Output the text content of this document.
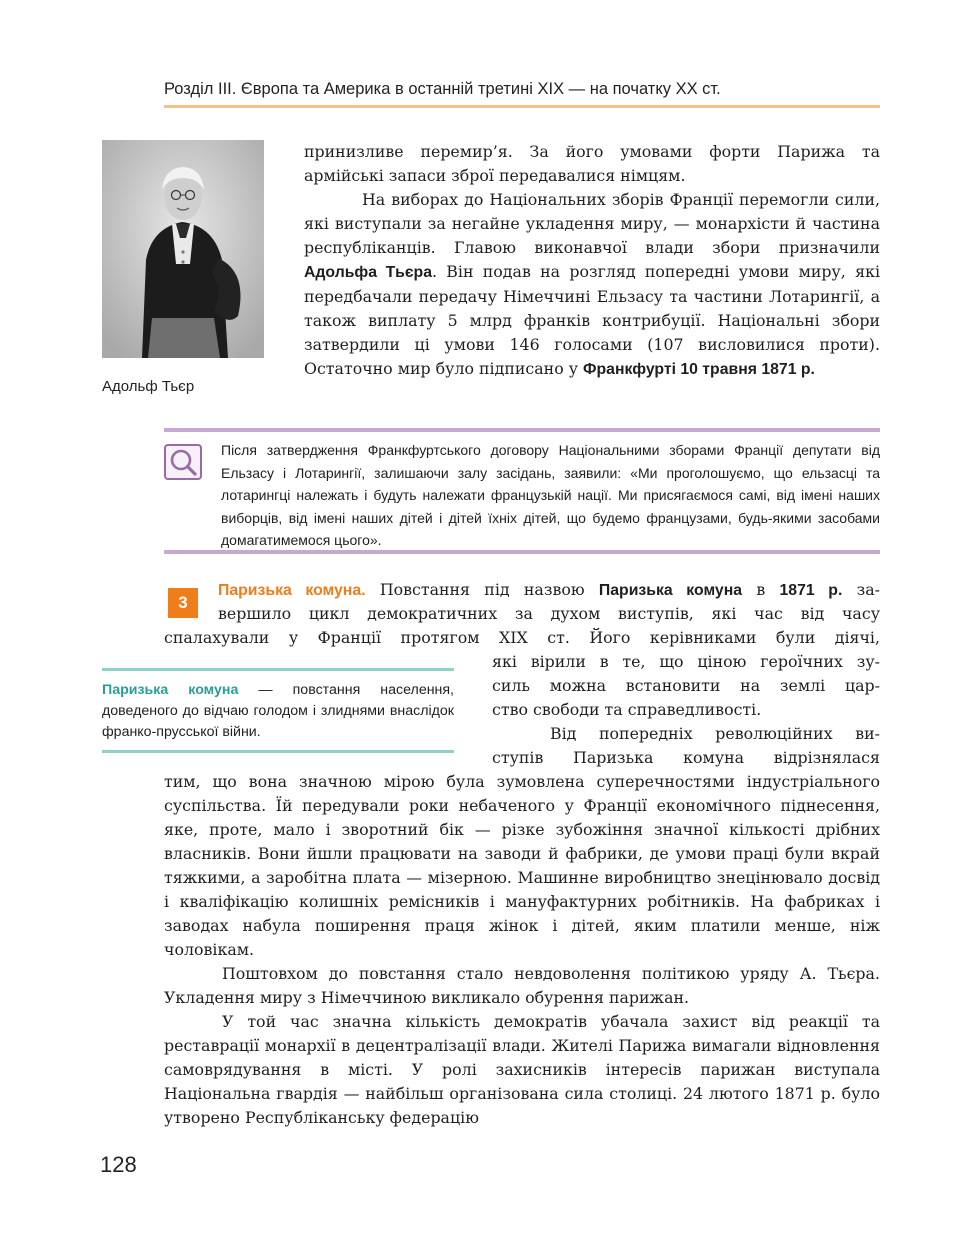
Розділ ІІІ. Європа та Америка в останній третині ХІХ — на початку ХХ ст.
Адольф Тьєр

принизливе перемир’я. За його умовами форти Парижа та армійські запаси зброї передавалися німцям.

На виборах до Національних зборів Франції перемогли сили, які виступали за негайне укладення миру, — монархісти й частина республіканців. Главою виконавчої влади збори призначили Адольфа Тьєра. Він подав на розгляд попередні умови миру, які передбачали передачу Німеччині Ельзасу та частини Лотарингії, а також виплату 5 млрд франків контрибуції. Національні збори затвердили ці умови 146 голосами (107 висловилися проти). Остаточно мир було підписано у Франкфурті 10 травня 1871 р.

Після затвердження Франкфуртського договору Національними зборами Франції депутати від Ельзасу і Лотарингії, залишаючи залу засідань, заявили: «Ми проголошуємо, що ельзасці та лотарингці належать і будуть належати французькій нації. Ми присягаємося самі, від імені наших виборців, від імені наших дітей і дітей їхніх дітей, що будемо французами, будь-якими засобами домагатимемося цього».
3
Паризька комуна. Повстання під назвою Паризька комуна в 1871 р. за-
вершило цикл демократичних за духом виступів, які час від часу
спалахували у Франції протягом ХІХ ст. Його керівниками були діячі,
Паризька комуна — повстання населення, доведеного до відчаю голодом і злиднями внаслідок франко-прусської війни.
які вірили в те, що ціною героїчних зу-
силь можна встановити на землі цар-
ство свободи та справедливості.
Від попередніх революційних ви-
ступів Паризька комуна відрізнялася

тим, що вона значною мірою була зумовлена суперечностями індустріального суспільства. Їй передували роки небаченого у Франції економічного піднесення, яке, проте, мало і зворотний бік — різке зубожіння значної кількості дрібних власників. Вони йшли працювати на заводи й фабрики, де умови праці були вкрай тяжкими, а заробітна плата — мізерною. Машинне виробництво знецінювало досвід і кваліфікацію колишніх ремісників і мануфактурних робітників. На фабриках і заводах набула поширення праця жінок і дітей, яким платили менше, ніж чоловікам.

Поштовхом до повстання стало невдоволення політикою уряду А. Тьєра. Укладення миру з Німеччиною викликало обурення парижан.

У той час значна кількість демократів убачала захист від реакції та реставрації монархії в децентралізації влади. Жителі Парижа вимагали відновлення самоврядування в місті. У ролі захисників інтересів парижан виступала Національна гвардія — найбільш організована сила столиці. 24 лютого 1871 р. було утворено Республіканську федерацію

128
